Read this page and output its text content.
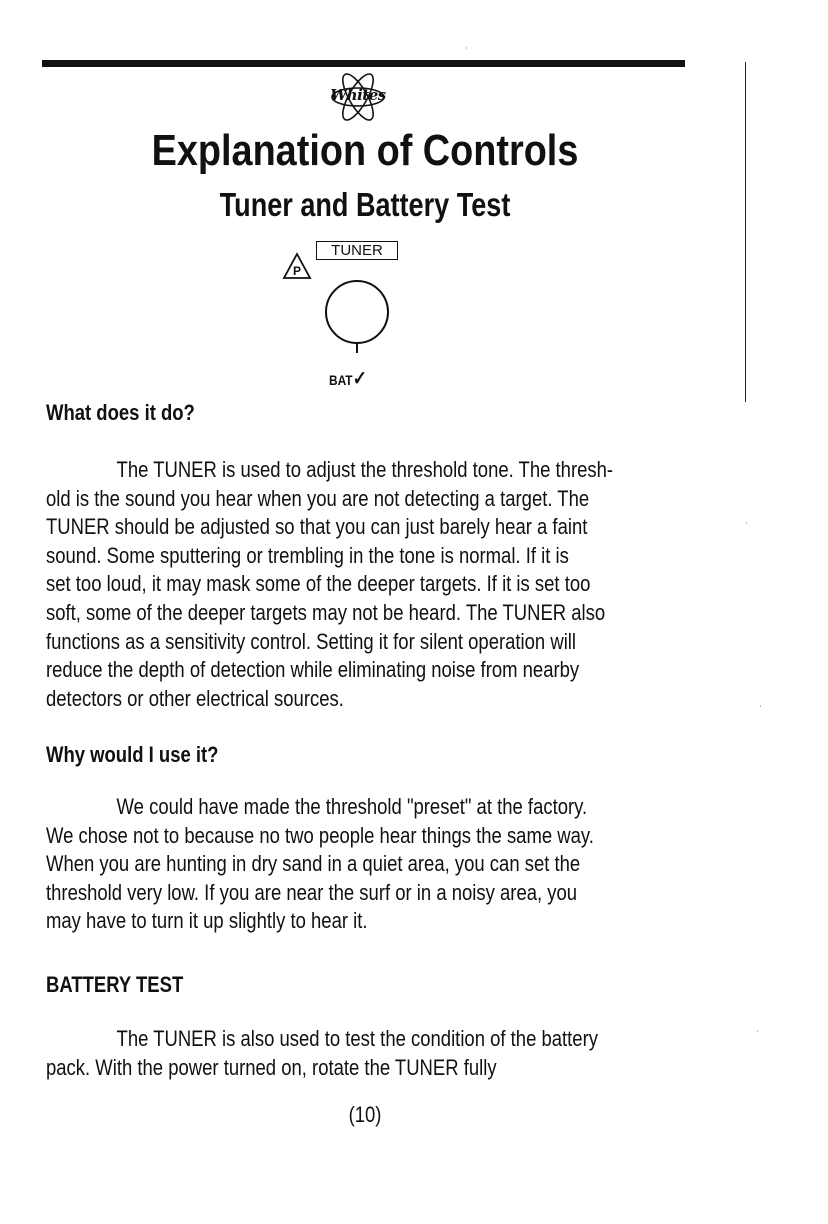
Whites
Explanation of Controls
Tuner and Battery Test
TUNER
P
BAT✓
What does it do?

The TUNER is used to adjust the threshold tone. The thresh-
old is the sound you hear when you are not detecting a target. The
TUNER should be adjusted so that you can just barely hear a faint
sound. Some sputtering or trembling in the tone is normal. If it is
set too loud, it may mask some of the deeper targets. If it is set too
soft, some of the deeper targets may not be heard. The TUNER also
functions as a sensitivity control. Setting it for silent operation will
reduce the depth of detection while eliminating noise from nearby
detectors or other electrical sources.

Why would I use it?

We could have made the threshold "preset" at the factory.
We chose not to because no two people hear things the same way.
When you are hunting in dry sand in a quiet area, you can set the
threshold very low. If you are near the surf or in a noisy area, you
may have to turn it up slightly to hear it.

BATTERY TEST

The TUNER is also used to test the condition of the battery
pack. With the power turned on, rotate the TUNER fully

(10)
